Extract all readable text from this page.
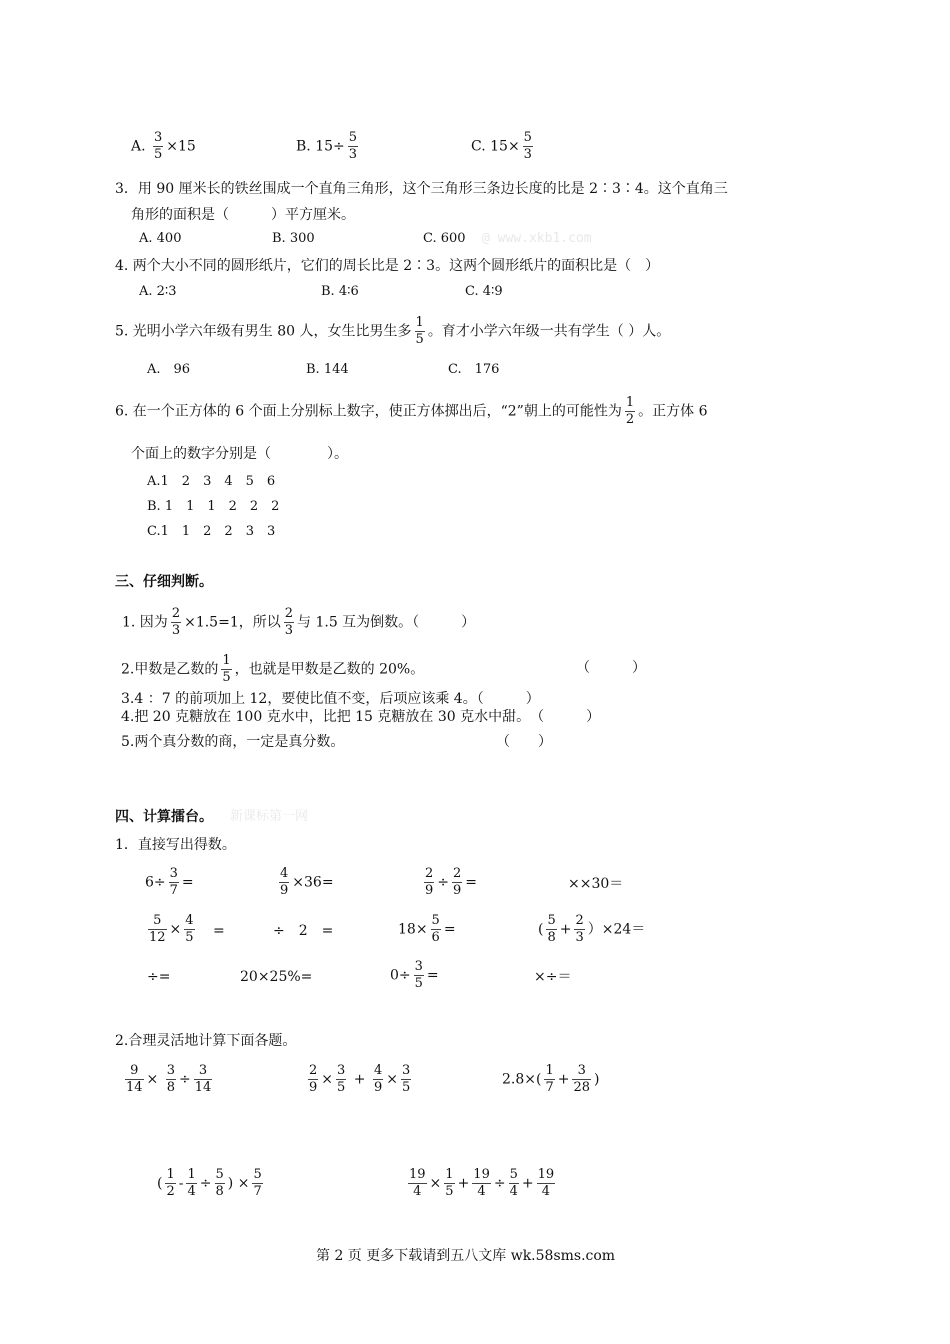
A. $\frac{3}{5} \times 15$	B. $15\div \frac{5}{3}$	C. $15\times \frac{5}{3}$
3．用 90 厘米长的铁丝围成一个直角三角形，这个三角形三条边长度的比是 2∶3∶4。这个直角三
角形的面积是（　　　）平方厘米。
A. 400	B. 300	C. 600 @ www.xkb1.com
4. 两个大小不同的圆形纸片，它们的周长比是 2∶3。这两个圆形纸片的面积比是（　）
A. 2∶3	B. 4∶6	C. 4∶9
5. 光明小学六年级有男生 80 人，女生比男生多 $\frac{1}{5}$ 。育才小学六年级一共有学生（ ）人。
A.　96	B. 144	C.　176
6. 在一个正方体的 6 个面上分别标上数字，使正方体掷出后，“2”朝上的可能性为 $\frac{1}{2}$ 。正方体 6
个面上的数字分别是（　　　　）。
A.1　2　3　4　5　6
B. 1　1　1　2　2　2
C.1　1　2　2　3　3
三、仔细判断。
1. 因为 $\frac{2}{3} \times 1.5=1$，所以 $\frac{2}{3}$ 与 1.5 互为倒数。（　　　）
2.甲数是乙数的 $\frac{1}{5}$ ，也就是甲数是乙数的 20%。	（　　　）
3.4 ：7 的前项加上 12，要使比值不变，后项应该乘 4。（　　　）
4.把 20 克糖放在 100 克水中，比把 15 克糖放在 30 克水中甜。　（　　　）
5.两个真分数的商，一定是真分数。	（　　）
四、计算擂台。 新课标第一网
1．直接写出得数。
$6\div \frac{3}{7}$ =	$\frac{4}{9} \times 36=$	$\frac{2}{9} \div \frac{2}{9}$ =	××30＝
$\frac{5}{12} \times \frac{4}{5}$ =	÷　2　=	$18\times \frac{5}{6}$ =	( $\frac{5}{8} + \frac{2}{3} )\times 24=$
÷=	20×25%=	$0\div \frac{3}{5}$ =	×÷＝
2.合理灵活地计算下面各题。
$\frac{9}{14} \times \frac{3}{8} \div \frac{3}{14}$	$\frac{2}{9} \times \frac{3}{5} + \frac{4}{9} \times \frac{3}{5}$	$2.8\times( \frac{1}{7} + \frac{3}{28}$ )
( $\frac{1}{2} - \frac{1}{4} \div \frac{5}{8}$ ) × $\frac{5}{7}$	$\frac{19}{4} \times \frac{1}{5} + \frac{19}{4} \div \frac{5}{4} + \frac{19}{4}$
第 2 页 更多下载请到五八文库 wk.58sms.com
